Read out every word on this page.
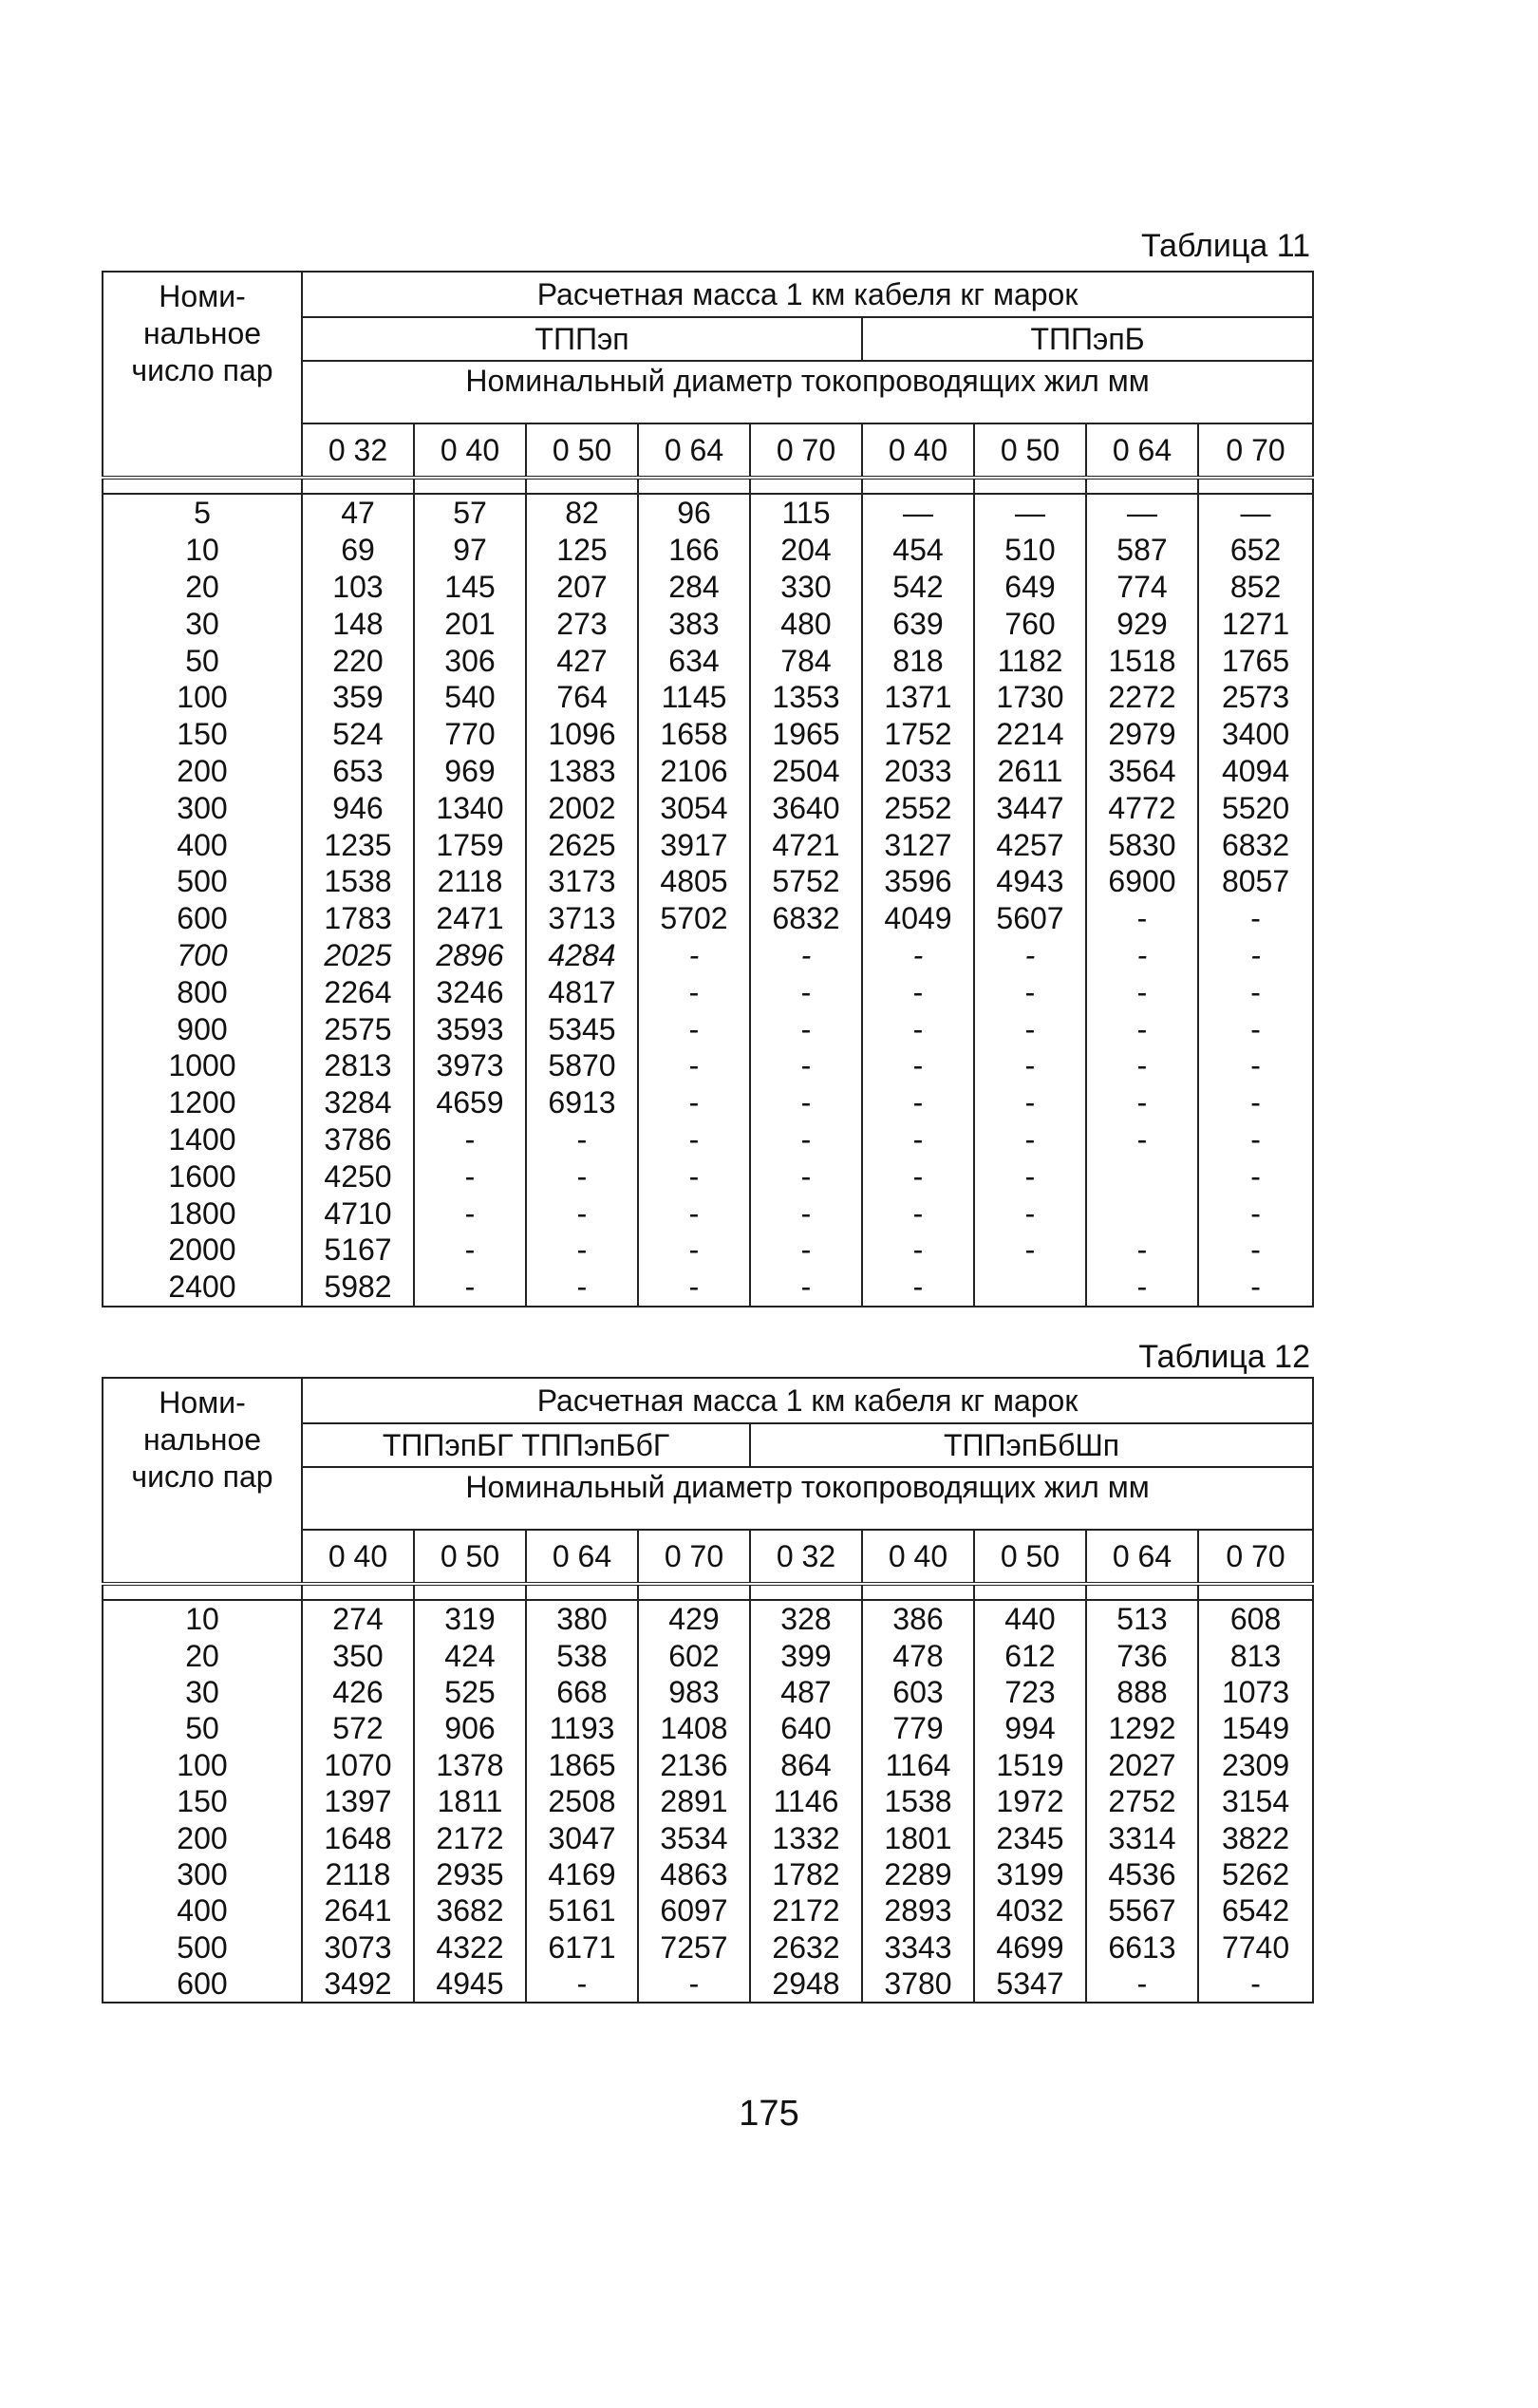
Таблица 11
Номи-
нальное
число пар	Расчетная масса 1 км кабеля кг марок								
	ТППэп					ТППэпБ			
	Номинальный диаметр токопроводящих жил мм								
	0 32	0 40	0 50	0 64	0 70	0 40	0 50	0 64	0 70

5	47	57	82	96	115	—	—	—	—
10	69	97	125	166	204	454	510	587	652
20	103	145	207	284	330	542	649	774	852
30	148	201	273	383	480	639	760	929	1271
50	220	306	427	634	784	818	1182	1518	1765
100	359	540	764	1145	1353	1371	1730	2272	2573
150	524	770	1096	1658	1965	1752	2214	2979	3400
200	653	969	1383	2106	2504	2033	2611	3564	4094
300	946	1340	2002	3054	3640	2552	3447	4772	5520
400	1235	1759	2625	3917	4721	3127	4257	5830	6832
500	1538	2118	3173	4805	5752	3596	4943	6900	8057
600	1783	2471	3713	5702	6832	4049	5607	-	-
700	2025	2896	4284	-	-	-	-	-	-
800	2264	3246	4817	-	-	-	-	-	-
900	2575	3593	5345	-	-	-	-	-	-
1000	2813	3973	5870	-	-	-	-	-	-
1200	3284	4659	6913	-	-	-	-	-	-
1400	3786	-	-	-	-	-	-	-	-
1600	4250	-	-	-	-	-	-		-
1800	4710	-	-	-	-	-	-		-
2000	5167	-	-	-	-	-	-	-	-
2400	5982	-	-	-	-	-		-	-
Таблица 12
Номи-
нальное
число пар	Расчетная масса 1 км кабеля кг марок								
	ТППэпБГ ТППэпБбГ				ТППэпБбШп				
	Номинальный диаметр токопроводящих жил мм								
	0 40	0 50	0 64	0 70	0 32	0 40	0 50	0 64	0 70

10	274	319	380	429	328	386	440	513	608
20	350	424	538	602	399	478	612	736	813
30	426	525	668	983	487	603	723	888	1073
50	572	906	1193	1408	640	779	994	1292	1549
100	1070	1378	1865	2136	864	1164	1519	2027	2309
150	1397	1811	2508	2891	1146	1538	1972	2752	3154
200	1648	2172	3047	3534	1332	1801	2345	3314	3822
300	2118	2935	4169	4863	1782	2289	3199	4536	5262
400	2641	3682	5161	6097	2172	2893	4032	5567	6542
500	3073	4322	6171	7257	2632	3343	4699	6613	7740
600	3492	4945	-	-	2948	3780	5347	-	-
175
